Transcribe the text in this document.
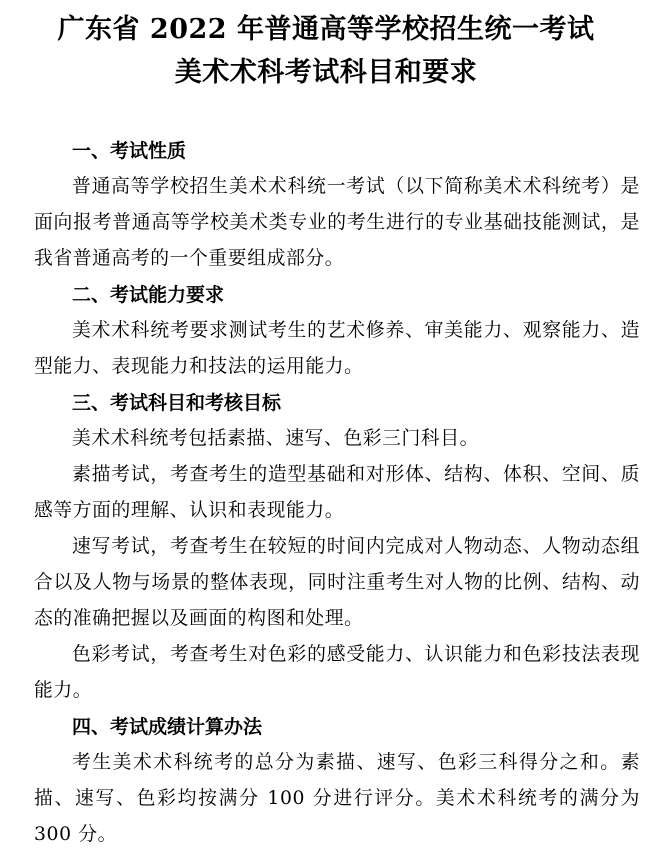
广东省 2022 年普通高等学校招生统一考试
美术术科考试科目和要求
一、考试性质

普通高等学校招生美术术科统一考试（以下简称美术术科统考）是面向报考普通高等学校美术类专业的考生进行的专业基础技能测试，是我省普通高考的一个重要组成部分。

二、考试能力要求

美术术科统考要求测试考生的艺术修养、审美能力、观察能力、造型能力、表现能力和技法的运用能力。

三、考试科目和考核目标

美术术科统考包括素描、速写、色彩三门科目。

素描考试，考查考生的造型基础和对形体、结构、体积、空间、质感等方面的理解、认识和表现能力。

速写考试，考查考生在较短的时间内完成对人物动态、人物动态组合以及人物与场景的整体表现，同时注重考生对人物的比例、结构、动态的准确把握以及画面的构图和处理。

色彩考试，考查考生对色彩的感受能力、认识能力和色彩技法表现能力。

四、考试成绩计算办法

考生美术术科统考的总分为素描、速写、色彩三科得分之和。素描、速写、色彩均按满分 100 分进行评分。美术术科统考的满分为 300 分。
